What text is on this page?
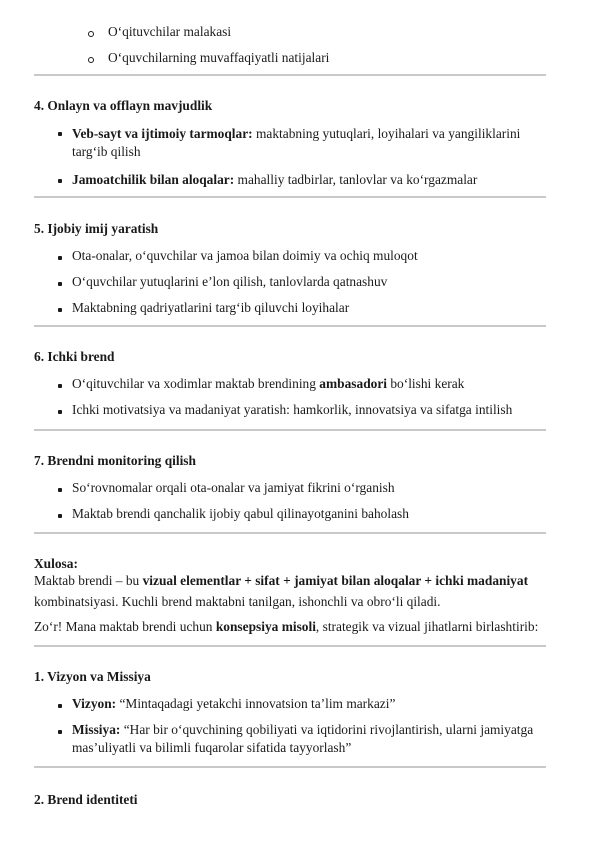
O‘qituvchilar malakasi
O‘quvchilarning muvaffaqiyatli natijalari
4. Onlayn va offlayn mavjudlik
Veb-sayt va ijtimoiy tarmoqlar: maktabning yutuqlari, loyihalari va yangiliklarini
targ‘ib qilish
Jamoatchilik bilan aloqalar: mahalliy tadbirlar, tanlovlar va ko‘rgazmalar
5. Ijobiy imij yaratish
Ota-onalar, o‘quvchilar va jamoa bilan doimiy va ochiq muloqot
O‘quvchilar yutuqlarini e’lon qilish, tanlovlarda qatnashuv
Maktabning qadriyatlarini targ‘ib qiluvchi loyihalar
6. Ichki brend
O‘qituvchilar va xodimlar maktab brendining ambasadori bo‘lishi kerak
Ichki motivatsiya va madaniyat yaratish: hamkorlik, innovatsiya va sifatga intilish
7. Brendni monitoring qilish
So‘rovnomalar orqali ota-onalar va jamiyat fikrini o‘rganish
Maktab brendi qanchalik ijobiy qabul qilinayotganini baholash
Xulosa:
Maktab brendi – bu vizual elementlar + sifat + jamiyat bilan aloqalar + ichki madaniyat
kombinatsiyasi. Kuchli brend maktabni tanilgan, ishonchli va obro‘li qiladi.
Zo‘r! Mana maktab brendi uchun konsepsiya misoli, strategik va vizual jihatlarni birlashtirib:
1. Vizyon va Missiya
Vizyon: “Mintaqadagi yetakchi innovatsion ta’lim markazi”
Missiya: “Har bir o‘quvchining qobiliyati va iqtidorini rivojlantirish, ularni jamiyatga
mas’uliyatli va bilimli fuqarolar sifatida tayyorlash”
2. Brend identiteti
